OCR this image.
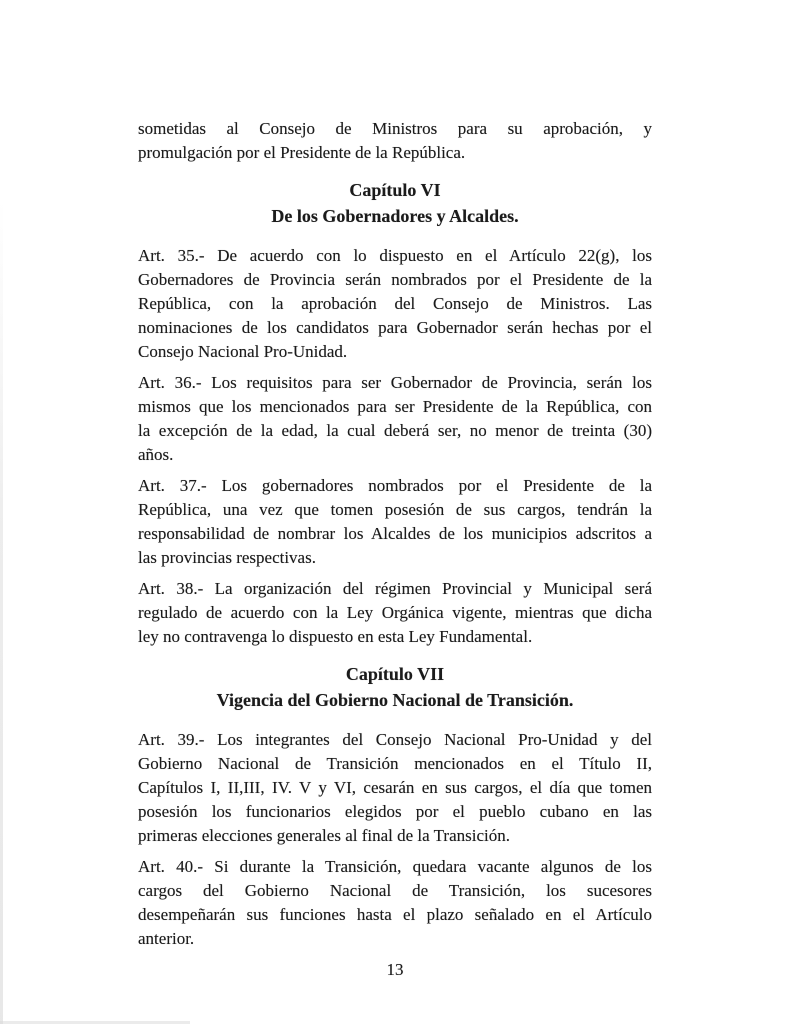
sometidas al Consejo de Ministros para su aprobación, y
promulgación por el Presidente de la República.
Capítulo VI
De los Gobernadores y Alcaldes.
Art. 35.- De acuerdo con lo dispuesto en el Artículo 22(g), los
Gobernadores de Provincia serán nombrados por el Presidente de la
República, con la aprobación del Consejo de Ministros. Las
nominaciones de los candidatos para Gobernador serán hechas por el
Consejo Nacional Pro-Unidad.
Art. 36.- Los requisitos para ser Gobernador de Provincia, serán los
mismos que los mencionados para ser Presidente de la República, con
la excepción de la edad, la cual deberá ser, no menor de treinta (30)
años.
Art. 37.- Los gobernadores nombrados por el Presidente de la
República, una vez que tomen posesión de sus cargos, tendrán la
responsabilidad de nombrar los Alcaldes de los municipios adscritos a
las provincias respectivas.
Art. 38.- La organización del régimen Provincial y Municipal será
regulado de acuerdo con la Ley Orgánica vigente, mientras que dicha
ley no contravenga lo dispuesto en esta Ley Fundamental.
Capítulo VII
Vigencia del Gobierno Nacional de Transición.
Art. 39.- Los integrantes del Consejo Nacional Pro-Unidad y del
Gobierno Nacional de Transición mencionados en el Título II,
Capítulos I, II,III, IV. V y VI, cesarán en sus cargos, el día que tomen
posesión los funcionarios elegidos por el pueblo cubano en las
primeras elecciones generales al final de la Transición.
Art. 40.- Si durante la Transición, quedara vacante algunos de los
cargos del Gobierno Nacional de Transición, los sucesores
desempeñarán sus funciones hasta el plazo señalado en el Artículo
anterior.
13
